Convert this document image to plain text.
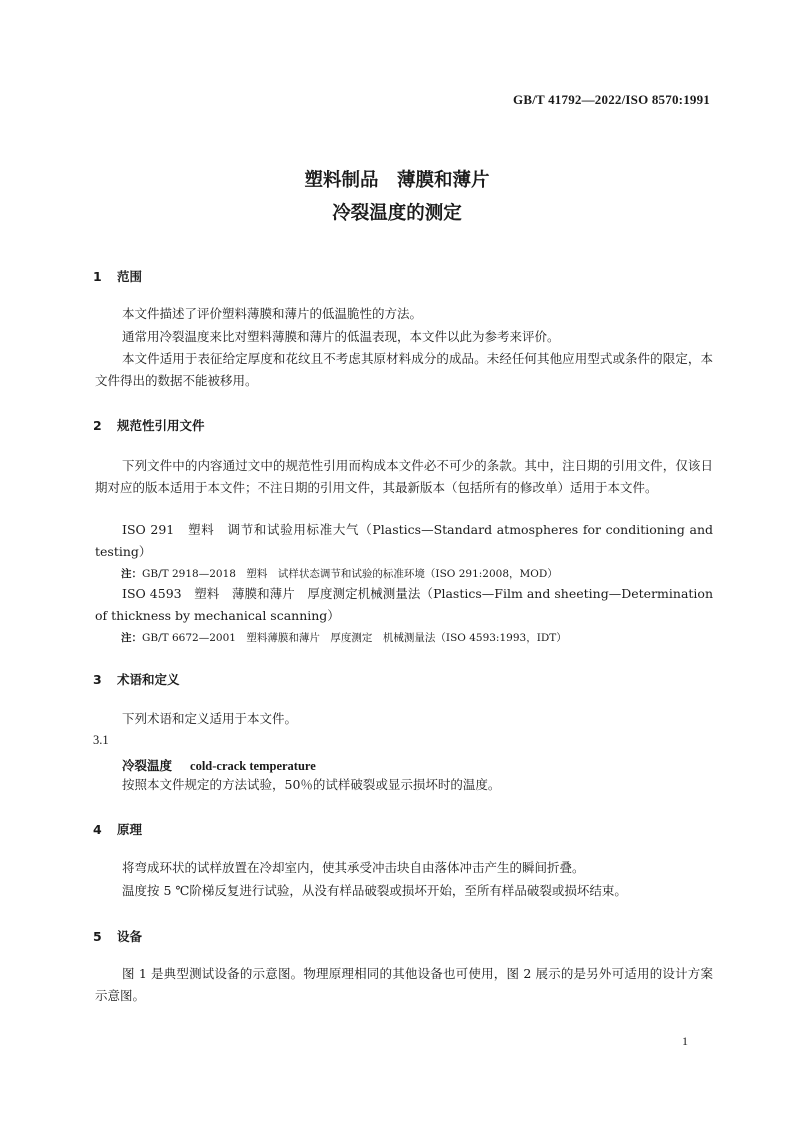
GB/T 41792—2022/ISO 8570:1991
塑料制品　薄膜和薄片
冷裂温度的测定
1 范围
本文件描述了评价塑料薄膜和薄片的低温脆性的方法。
通常用冷裂温度来比对塑料薄膜和薄片的低温表现，本文件以此为参考来评价。
本文件适用于表征给定厚度和花纹且不考虑其原材料成分的成品。未经任何其他应用型式或条件的限定，本文件得出的数据不能被移用。
2 规范性引用文件
下列文件中的内容通过文中的规范性引用而构成本文件必不可少的条款。其中，注日期的引用文件，仅该日期对应的版本适用于本文件；不注日期的引用文件，其最新版本（包括所有的修改单）适用于本文件。
ISO 291　塑料　调节和试验用标准大气（Plastics—Standard atmospheres for conditioning and testing）
注：GB/T 2918—2018　塑料　试样状态调节和试验的标准环境（ISO 291:2008，MOD）
ISO 4593　塑料　薄膜和薄片　厚度测定机械测量法（Plastics—Film and sheeting—Determination of thickness by mechanical scanning）
注：GB/T 6672—2001　塑料薄膜和薄片　厚度测定　机械测量法（ISO 4593:1993，IDT）
3 术语和定义
下列术语和定义适用于本文件。
3.1
冷裂温度 cold-crack temperature
按照本文件规定的方法试验，50％的试样破裂或显示损坏时的温度。
4 原理
将弯成环状的试样放置在冷却室内，使其承受冲击块自由落体冲击产生的瞬间折叠。
温度按 5 ℃阶梯反复进行试验，从没有样品破裂或损坏开始，至所有样品破裂或损坏结束。
5 设备
图 1 是典型测试设备的示意图。物理原理相同的其他设备也可使用，图 2 展示的是另外可适用的设计方案示意图。
1
